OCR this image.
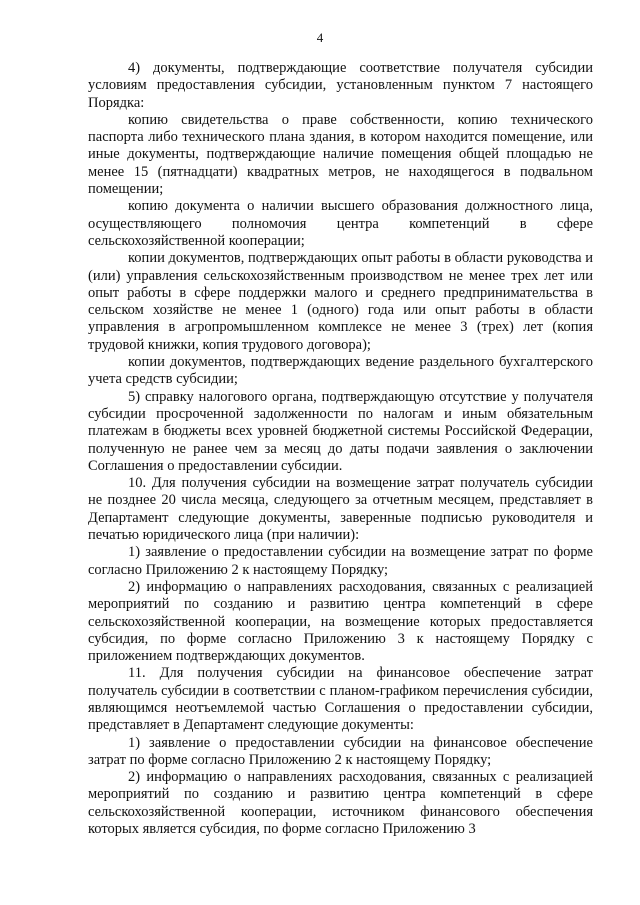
4

4) документы, подтверждающие соответствие получателя субсидии условиям предоставления субсидии, установленным пунктом 7 настоящего Порядка:

копию свидетельства о праве собственности, копию технического паспорта либо технического плана здания, в котором находится помещение, или иные документы, подтверждающие наличие помещения общей площадью не менее 15 (пятнадцати) квадратных метров, не находящегося в подвальном помещении;

копию документа о наличии высшего образования должностного лица, осуществляющего полномочия центра компетенций в сфере сельскохозяйственной кооперации;

копии документов, подтверждающих опыт работы в области руководства и (или) управления сельскохозяйственным производством не менее трех лет или опыт работы в сфере поддержки малого и среднего предпринимательства в сельском хозяйстве не менее 1 (одного) года или опыт работы в области управления в агропромышленном комплексе не менее 3 (трех) лет (копия трудовой книжки, копия трудового договора);

копии документов, подтверждающих ведение раздельного бухгалтерского учета средств субсидии;

5) справку налогового органа, подтверждающую отсутствие у получателя субсидии просроченной задолженности по налогам и иным обязательным платежам в бюджеты всех уровней бюджетной системы Российской Федерации, полученную не ранее чем за месяц до даты подачи заявления о заключении Соглашения о предоставлении субсидии.

10. Для получения субсидии на возмещение затрат получатель субсидии не позднее 20 числа месяца, следующего за отчетным месяцем, представляет в Департамент следующие документы, заверенные подписью руководителя и печатью юридического лица (при наличии):

1) заявление о предоставлении субсидии на возмещение затрат по форме согласно Приложению 2 к настоящему Порядку;

2) информацию о направлениях расходования, связанных с реализацией мероприятий по созданию и развитию центра компетенций в сфере сельскохозяйственной кооперации, на возмещение которых предоставляется субсидия, по форме согласно Приложению 3 к настоящему Порядку с приложением подтверждающих документов.

11. Для получения субсидии на финансовое обеспечение затрат получатель субсидии в соответствии с планом-графиком перечисления субсидии, являющимся неотъемлемой частью Соглашения о предоставлении субсидии, представляет в Департамент следующие документы:

1) заявление о предоставлении субсидии на финансовое обеспечение затрат по форме согласно Приложению 2 к настоящему Порядку;

2) информацию о направлениях расходования, связанных с реализацией мероприятий по созданию и развитию центра компетенций в сфере сельскохозяйственной кооперации, источником финансового обеспечения которых является субсидия, по форме согласно Приложению 3
